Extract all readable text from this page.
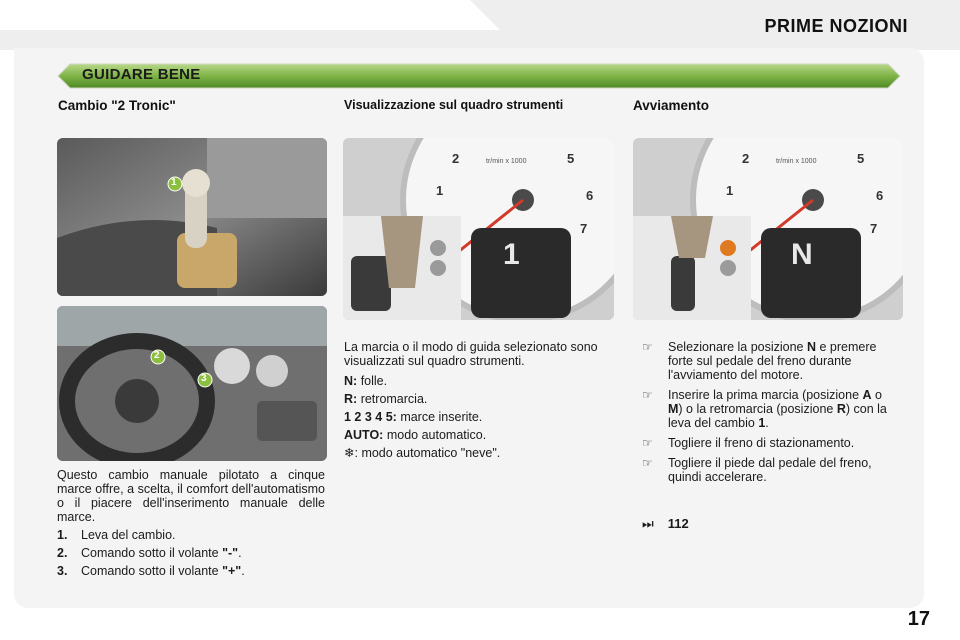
PRIME NOZIONI
GUIDARE BENE
Cambio "2 Tronic"	Visualizzazione sul quadro strumenti	Avviamento
1
2
3
2
1
5
6
7
tr/min x 1000
1
2
1
5
6
7
tr/min x 1000
N

Questo cambio manuale pilotato a cinque marce offre, a scelta, il comfort dell'automatismo o il piacere dell'inserimento manuale delle marce.

1.	Leva del cambio.
2.	Comando sotto il volante "-".
3.	Comando sotto il volante "+".

La marcia o il modo di guida selezionato sono visualizzati sul quadro strumenti.

N: folle.

R: retromarcia.

1 2 3 4 5: marce inserite.

AUTO: modo automatico.

❄: modo automatico "neve".

☞ Selezionare la posizione N e premere forte sul pedale del freno durante l'avviamento del motore.
☞ Inserire la prima marcia (posizione A o M) o la retromarcia (posizione R) con la leva del cambio 1.
☞ Togliere il freno di stazionamento.
☞ Togliere il piede dal pedale del freno, quindi accelerare.
⏭ 112
17
